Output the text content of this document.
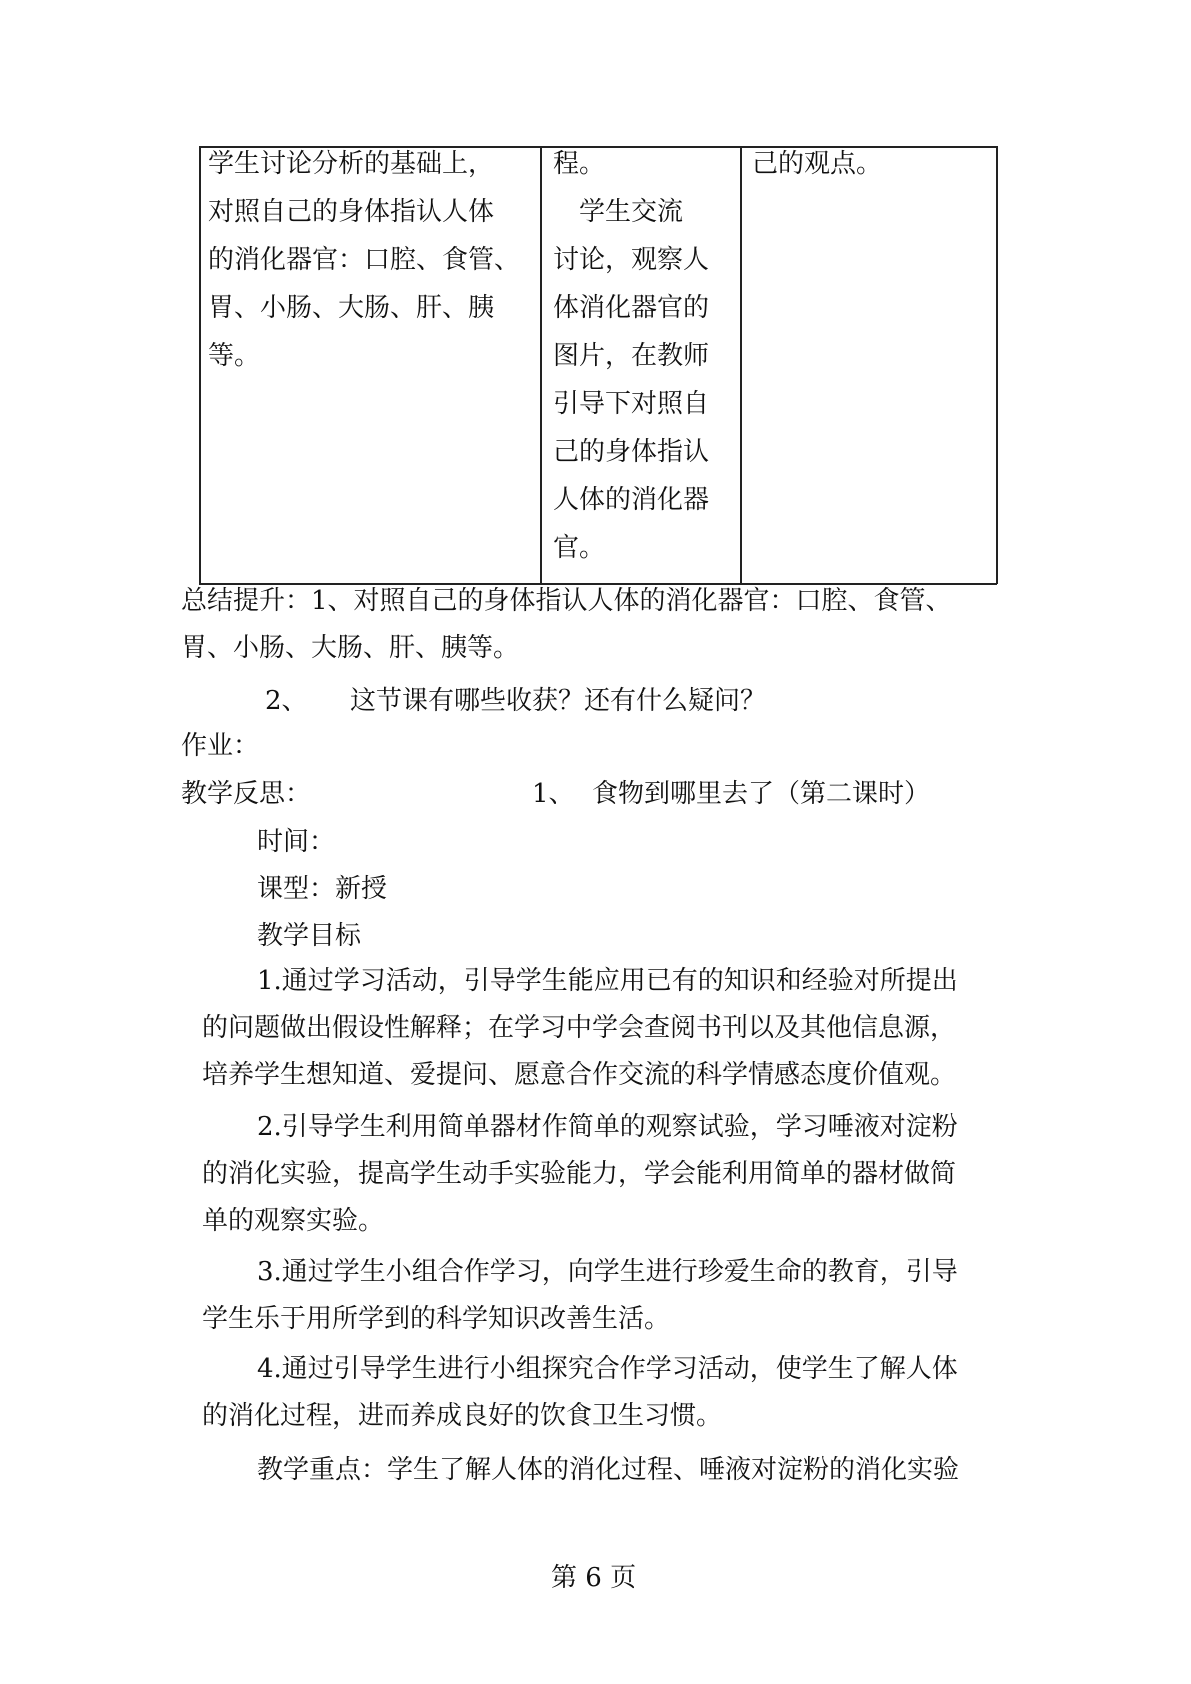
学生讨论分析的基础上，

对照自己的身体指认人体

的消化器官：口腔、食管、

胃、小肠、大肠、肝、胰

等。

程。

　学生交流

讨论，观察人

体消化器官的

图片，在教师

引导下对照自

己的身体指认

人体的消化器

官。

己的观点。

总结提升：1、对照自己的身体指认人体的消化器官：口腔、食管、
胃、小肠、大肠、肝、胰等。
2、 这节课有哪些收获？还有什么疑问？
作业：
教学反思：	1、 食物到哪里去了（第二课时）
时间：
课型：新授
教学目标

1.通过学习活动，引导学生能应用已有的知识和经验对所提出

的问题做出假设性解释；在学习中学会查阅书刊以及其他信息源，

培养学生想知道、爱提问、愿意合作交流的科学情感态度价值观。

2.引导学生利用简单器材作简单的观察试验，学习唾液对淀粉

的消化实验，提高学生动手实验能力，学会能利用简单的器材做简

单的观察实验。

3.通过学生小组合作学习，向学生进行珍爱生命的教育，引导

学生乐于用所学到的科学知识改善生活。

4.通过引导学生进行小组探究合作学习活动，使学生了解人体

的消化过程，进而养成良好的饮食卫生习惯。

教学重点：学生了解人体的消化过程、唾液对淀粉的消化实验
第 6 页
